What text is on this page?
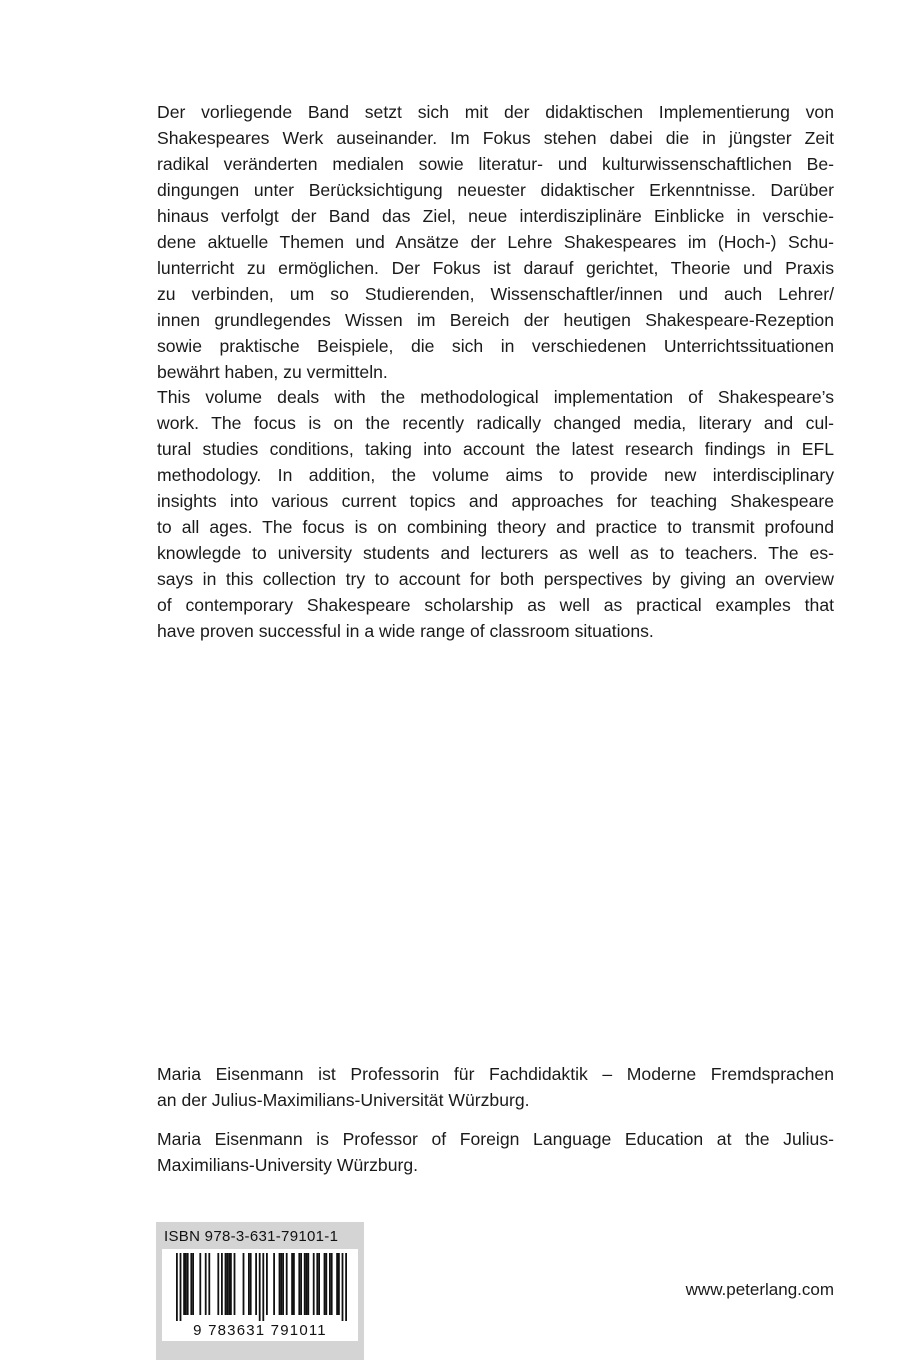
Der vorliegende Band setzt sich mit der didaktischen Implementierung von
Shakespeares Werk auseinander. Im Fokus stehen dabei die in jüngster Zeit
radikal veränderten medialen sowie literatur- und kulturwissenschaftlichen Be-
dingungen unter Berücksichtigung neuester didaktischer Erkenntnisse. Darüber
hinaus verfolgt der Band das Ziel, neue interdisziplinäre Einblicke in verschie-
dene aktuelle Themen und Ansätze der Lehre Shakespeares im (Hoch-) Schu-
lunterricht zu ermöglichen. Der Fokus ist darauf gerichtet, Theorie und Praxis
zu verbinden, um so Studierenden, Wissenschaftler/innen und auch Lehrer/
innen grundlegendes Wissen im Bereich der heutigen Shakespeare-Rezeption
sowie praktische Beispiele, die sich in verschiedenen Unterrichtssituationen
bewährt haben, zu vermitteln.
This volume deals with the methodological implementation of Shakespeare’s
work. The focus is on the recently radically changed media, literary and cul-
tural studies conditions, taking into account the latest research findings in EFL
methodology. In addition, the volume aims to provide new interdisciplinary
insights into various current topics and approaches for teaching Shakespeare
to all ages. The focus is on combining theory and practice to transmit profound
knowlegde to university students and lecturers as well as to teachers. The es-
says in this collection try to account for both perspectives by giving an overview
of contemporary Shakespeare scholarship as well as practical examples that
have proven successful in a wide range of classroom situations.
Maria Eisenmann ist Professorin für Fachdidaktik – Moderne Fremdsprachen
an der Julius-Maximilians-Universität Würzburg.
Maria Eisenmann is Professor of Foreign Language Education at the Julius-
Maximilians-University Würzburg.
ISBN 978-3-631-79101-1
9 783631 791011
www.peterlang.com
